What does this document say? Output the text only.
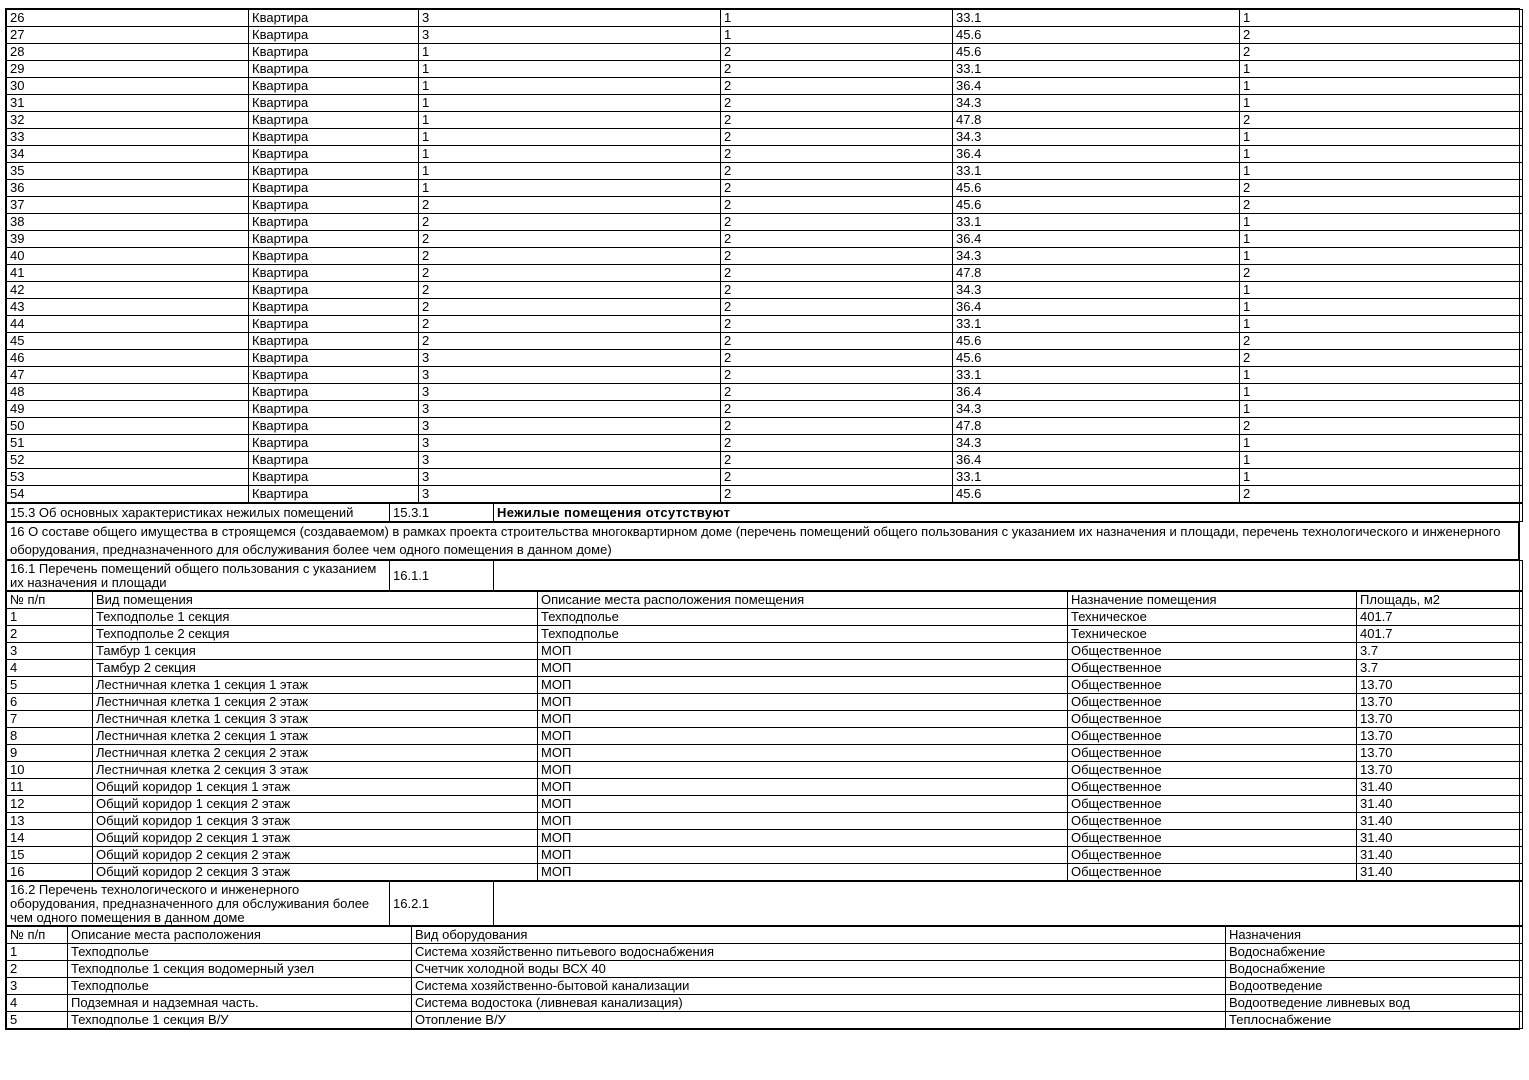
26	Квартира	3	1	33.1	1
27	Квартира	3	1	45.6	2
28	Квартира	1	2	45.6	2
29	Квартира	1	2	33.1	1
30	Квартира	1	2	36.4	1
31	Квартира	1	2	34.3	1
32	Квартира	1	2	47.8	2
33	Квартира	1	2	34.3	1
34	Квартира	1	2	36.4	1
35	Квартира	1	2	33.1	1
36	Квартира	1	2	45.6	2
37	Квартира	2	2	45.6	2
38	Квартира	2	2	33.1	1
39	Квартира	2	2	36.4	1
40	Квартира	2	2	34.3	1
41	Квартира	2	2	47.8	2
42	Квартира	2	2	34.3	1
43	Квартира	2	2	36.4	1
44	Квартира	2	2	33.1	1
45	Квартира	2	2	45.6	2
46	Квартира	3	2	45.6	2
47	Квартира	3	2	33.1	1
48	Квартира	3	2	36.4	1
49	Квартира	3	2	34.3	1
50	Квартира	3	2	47.8	2
51	Квартира	3	2	34.3	1
52	Квартира	3	2	36.4	1
53	Квартира	3	2	33.1	1
54	Квартира	3	2	45.6	2
15.3 Об основных характеристиках нежилых помещений	15.3.1	Нежилые помещения отсутствуют
16 О составе общего имущества в строящемся (создаваемом) в рамках проекта строительства многоквартирном доме (перечень помещений общего пользования с указанием их назначения и площади, перечень технологического и инженерного оборудования, предназначенного для обслуживания более чем одного помещения в данном доме)
16.1 Перечень помещений общего пользования с указанием их назначения и площади	16.1.1	
№ п/п	Вид помещения	Описание места расположения помещения	Назначение помещения	Площадь, м2
1	Техподполье 1 секция	Техподполье	Техническое	401.7
2	Техподполье 2 секция	Техподполье	Техническое	401.7
3	Тамбур 1 секция	МОП	Общественное	3.7
4	Тамбур 2 секция	МОП	Общественное	3.7
5	Лестничная клетка 1 секция 1 этаж	МОП	Общественное	13.70
6	Лестничная клетка 1 секция 2 этаж	МОП	Общественное	13.70
7	Лестничная клетка 1 секция 3 этаж	МОП	Общественное	13.70
8	Лестничная клетка 2 секция 1 этаж	МОП	Общественное	13.70
9	Лестничная клетка 2 секция 2 этаж	МОП	Общественное	13.70
10	Лестничная клетка 2 секция 3 этаж	МОП	Общественное	13.70
11	Общий коридор 1 секция 1 этаж	МОП	Общественное	31.40
12	Общий коридор 1 секция 2 этаж	МОП	Общественное	31.40
13	Общий коридор 1 секция 3 этаж	МОП	Общественное	31.40
14	Общий коридор 2 секция 1 этаж	МОП	Общественное	31.40
15	Общий коридор 2 секция 2 этаж	МОП	Общественное	31.40
16	Общий коридор 2 секция 3 этаж	МОП	Общественное	31.40
16.2 Перечень технологического и инженерного оборудования, предназначенного для обслуживания более чем одного помещения в данном доме	16.2.1	
№ п/п	Описание места расположения	Вид оборудования	Назначения
1	Техподполье	Система хозяйственно питьевого водоснабжения	Водоснабжение
2	Техподполье 1 секция водомерный узел	Счетчик холодной воды ВСХ 40	Водоснабжение
3	Техподполье	Система хозяйственно-бытовой канализации	Водоотведение
4	Подземная и надземная часть.	Система водостока (ливневая канализация)	Водоотведение ливневых вод
5	Техподполье 1 секция В/У	Отопление В/У	Теплоснабжение
